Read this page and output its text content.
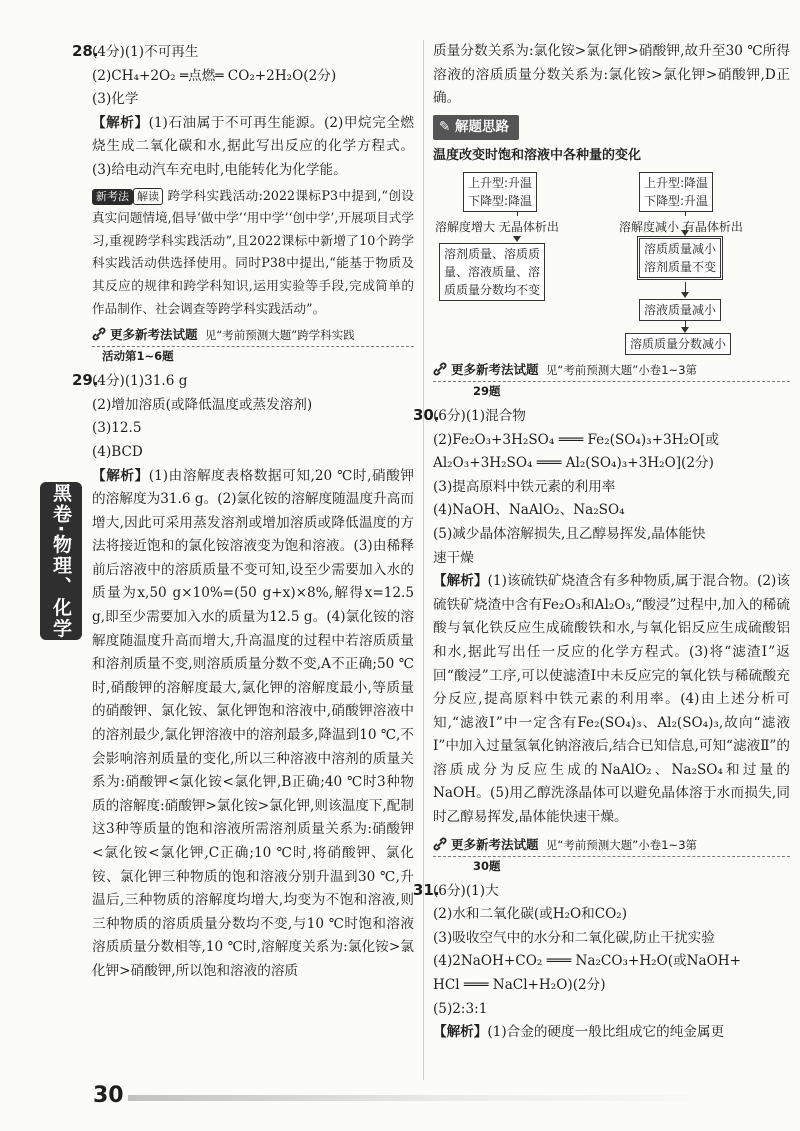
黑卷·物理、化学

28.(4分)(1)不可再生

(2)CH₄+2O₂ ═点燃═ CO₂+2H₂O(2分)

(3)化学

【解析】(1)石油属于不可再生能源。(2)甲烷完全燃烧生成二氧化碳和水,据此写出反应的化学方程式。(3)给电动汽车充电时,电能转化为化学能。

新考法 解读 跨学科实践活动:2022课标P3中提到,“创设真实问题情境,倡导‘做中学’‘用中学’‘创中学’,开展项目式学习,重视跨学科实践活动”,且2022课标中新增了10个跨学科实践活动供选择使用。同时P38中提出,“能基于物质及其反应的规律和跨学科知识,运用实验等手段,完成简单的作品制作、社会调查等跨学科实践活动”。

更多新考法试题 见“考前预测大题”跨学科实践
活动第1~6题

29.(4分)(1)31.6 g

(2)增加溶质(或降低温度或蒸发溶剂)

(3)12.5

(4)BCD

【解析】(1)由溶解度表格数据可知,20 ℃时,硝酸钾的溶解度为31.6 g。(2)氯化铵的溶解度随温度升高而增大,因此可采用蒸发溶剂或增加溶质或降低温度的方法将接近饱和的氯化铵溶液变为饱和溶液。(3)由稀释前后溶液中的溶质质量不变可知,设至少需要加入水的质量为x,50 g×10%=(50 g+x)×8%,解得x=12.5 g,即至少需要加入水的质量为12.5 g。(4)氯化铵的溶解度随温度升高而增大,升高温度的过程中若溶质质量和溶剂质量不变,则溶质质量分数不变,A不正确;50 ℃时,硝酸钾的溶解度最大,氯化钾的溶解度最小,等质量的硝酸钾、氯化铵、氯化钾饱和溶液中,硝酸钾溶液中的溶剂最少,氯化钾溶液中的溶剂最多,降温到10 ℃,不会影响溶剂质量的变化,所以三种溶液中溶剂的质量关系为:硝酸钾<氯化铵<氯化钾,B正确;40 ℃时3种物质的溶解度:硝酸钾>氯化铵>氯化钾,则该温度下,配制这3种等质量的饱和溶液所需溶剂质量关系为:硝酸钾<氯化铵<氯化钾,C正确;10 ℃时,将硝酸钾、氯化铵、氯化钾三种物质的饱和溶液分别升温到30 ℃,升温后,三种物质的溶解度均增大,均变为不饱和溶液,则三种物质的溶质质量分数均不变,与10 ℃时饱和溶液溶质质量分数相等,10 ℃时,溶解度关系为:氯化铵>氯化钾>硝酸钾,所以饱和溶液的溶质

质量分数关系为:氯化铵>氯化钾>硝酸钾,故升至30 ℃所得溶液的溶质质量分数关系为:氯化铵>氯化钾>硝酸钾,D正确。

✎ 解题思路

温度改变时饱和溶液中各种量的变化

上升型:升温
下降型:降温
溶解度增大 无晶体析出
溶剂质量、溶质质
量、溶液质量、溶
质质量分数均不变
上升型:降温
下降型:升温
溶解度减小 有晶体析出
溶质质量减小
溶剂质量不变
溶液质量减小
溶质质量分数减小
更多新考法试题 见“考前预测大题”小卷1~3第
29题

30.(6分)(1)混合物

(2)Fe₂O₃+3H₂SO₄ ═══ Fe₂(SO₄)₃+3H₂O[或

Al₂O₃+3H₂SO₄ ═══ Al₂(SO₄)₃+3H₂O](2分)

(3)提高原料中铁元素的利用率

(4)NaOH、NaAlO₂、Na₂SO₄

(5)减少晶体溶解损失,且乙醇易挥发,晶体能快

速干燥

【解析】(1)该硫铁矿烧渣含有多种物质,属于混合物。(2)该硫铁矿烧渣中含有Fe₂O₃和Al₂O₃,“酸浸”过程中,加入的稀硫酸与氧化铁反应生成硫酸铁和水,与氧化铝反应生成硫酸铝和水,据此写出任一反应的化学方程式。(3)将“滤渣Ⅰ”返回“酸浸”工序,可以使滤渣Ⅰ中未反应完的氧化铁与稀硫酸充分反应,提高原料中铁元素的利用率。(4)由上述分析可知,“滤液Ⅰ”中一定含有Fe₂(SO₄)₃、Al₂(SO₄)₃,故向“滤液Ⅰ”中加入过量氢氧化钠溶液后,结合已知信息,可知“滤液Ⅱ”的溶质成分为反应生成的NaAlO₂、Na₂SO₄和过量的NaOH。(5)用乙醇洗涤晶体可以避免晶体溶于水而损失,同时乙醇易挥发,晶体能快速干燥。

更多新考法试题 见“考前预测大题”小卷1~3第
30题

31.(6分)(1)大

(2)水和二氧化碳(或H₂O和CO₂)

(3)吸收空气中的水分和二氧化碳,防止干扰实验

(4)2NaOH+CO₂ ═══ Na₂CO₃+H₂O(或NaOH+

HCl ═══ NaCl+H₂O)(2分)

(5)2:3:1

【解析】(1)合金的硬度一般比组成它的纯金属更

30
